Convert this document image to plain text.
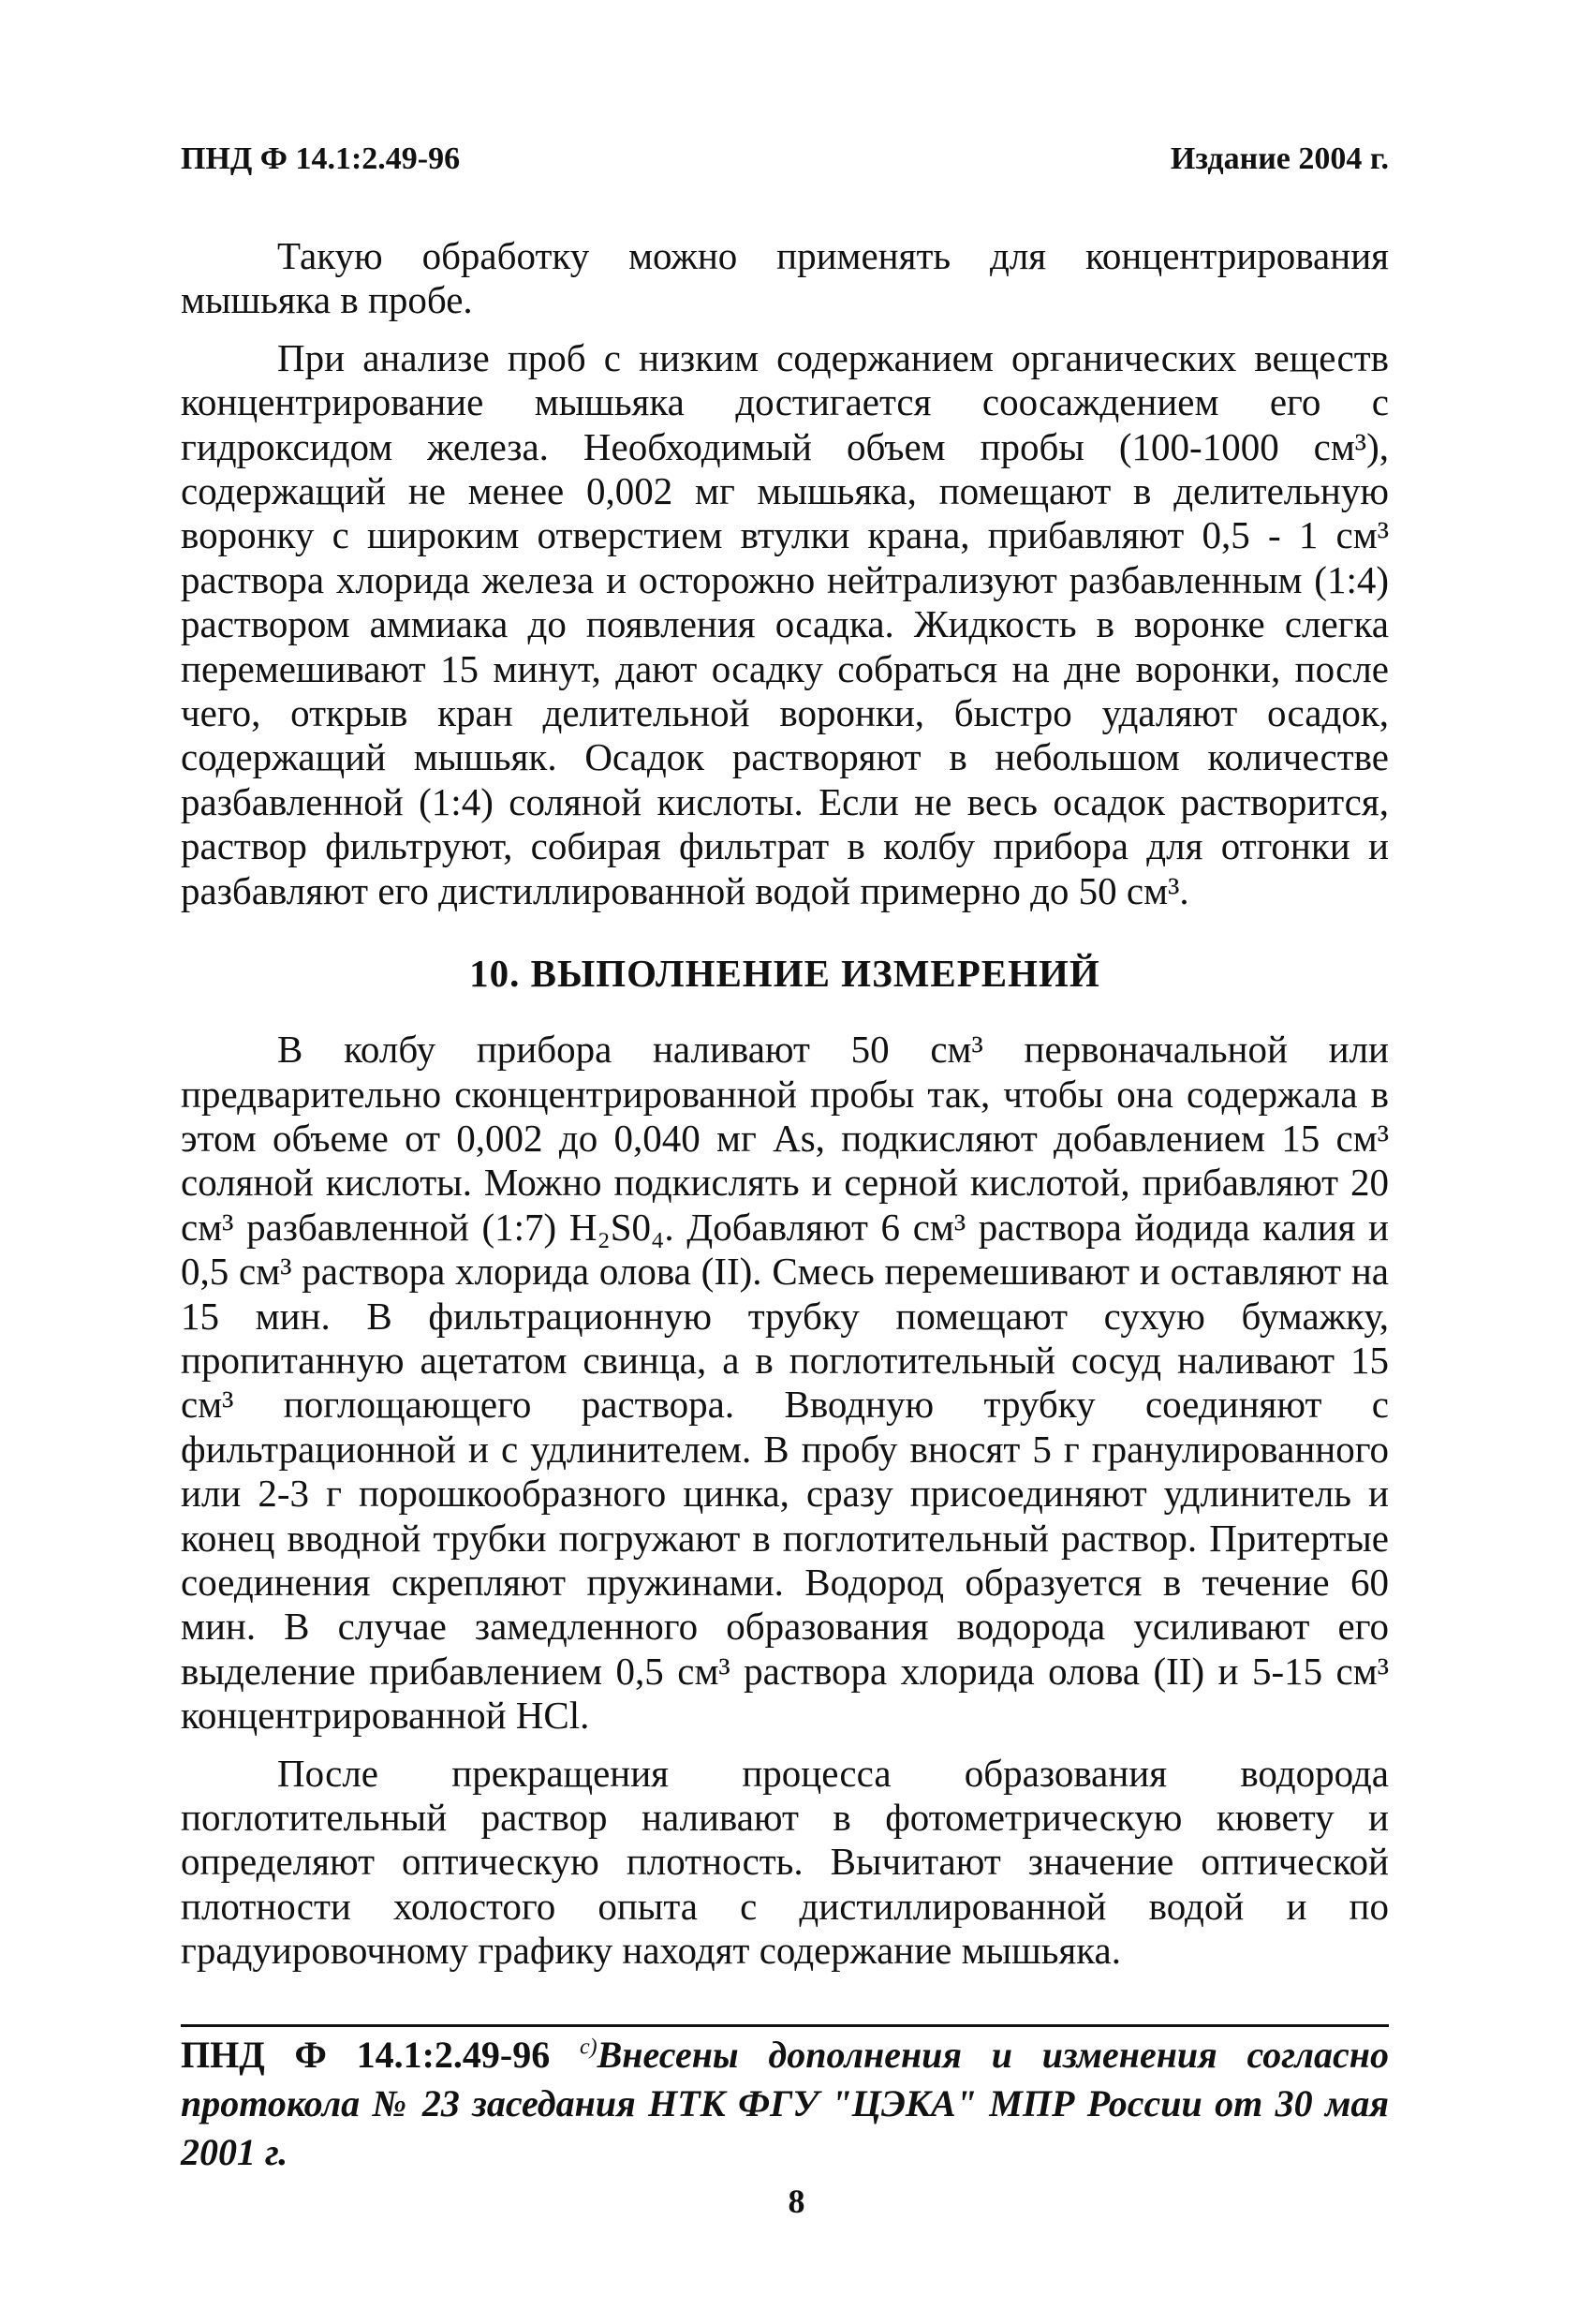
ПНД Ф 14.1:2.49-96	Издание 2004 г.

Такую обработку можно применять для концентрирования мышьяка в пробе.

При анализе проб с низким содержанием органических веществ концентрирование мышьяка достигается соосаждением его с гидроксидом железа. Необходимый объем пробы (100-1000 см³), содержащий не менее 0,002 мг мышьяка, помещают в делительную воронку с широким отверстием втулки крана, прибавляют 0,5 - 1 см³ раствора хлорида железа и осторожно нейтрализуют разбавленным (1:4) раствором аммиака до появления осадка. Жидкость в воронке слегка перемешивают 15 минут, дают осадку собраться на дне воронки, после чего, открыв кран делительной воронки, быстро удаляют осадок, содержащий мышьяк. Осадок растворяют в небольшом количестве разбавленной (1:4) соляной кислоты. Если не весь осадок растворится, раствор фильтруют, собирая фильтрат в колбу прибора для отгонки и разбавляют его дистиллированной водой примерно до 50 см³.

10. ВЫПОЛНЕНИЕ ИЗМЕРЕНИЙ

В колбу прибора наливают 50 см³ первоначальной или предварительно сконцентрированной пробы так, чтобы она содержала в этом объеме от 0,002 до 0,040 мг As, подкисляют добавлением 15 см³ соляной кислоты. Можно подкислять и серной кислотой, прибавляют 20 см³ разбавленной (1:7) H₂S0₄. Добавляют 6 см³ раствора йодида калия и 0,5 см³ раствора хлорида олова (II). Смесь перемешивают и оставляют на 15 мин. В фильтрационную трубку помещают сухую бумажку, пропитанную ацетатом свинца, а в поглотительный сосуд наливают 15 см³ поглощающего раствора. Вводную трубку соединяют с фильтрационной и с удлинителем. В пробу вносят 5 г гранулированного или 2-3 г порошкообразного цинка, сразу присоединяют удлинитель и конец вводной трубки погружают в поглотительный раствор. Притертые соединения скрепляют пружинами. Водород образуется в течение 60 мин. В случае замедленного образования водорода усиливают его выделение прибавлением 0,5 см³ раствора хлорида олова (II) и 5-15 см³ концентрированной HCl.

После прекращения процесса образования водорода поглотительный раствор наливают в фотометрическую кювету и определяют оптическую плотность. Вычитают значение оптической плотности холостого опыта с дистиллированной водой и по градуировочному графику находят содержание мышьяка.

ПНД Ф 14.1:2.49-96 $^{с)}$Внесены дополнения и изменения согласно протокола № 23 заседания НТК ФГУ "ЦЭКА" МПР России от 30 мая 2001 г.
8
